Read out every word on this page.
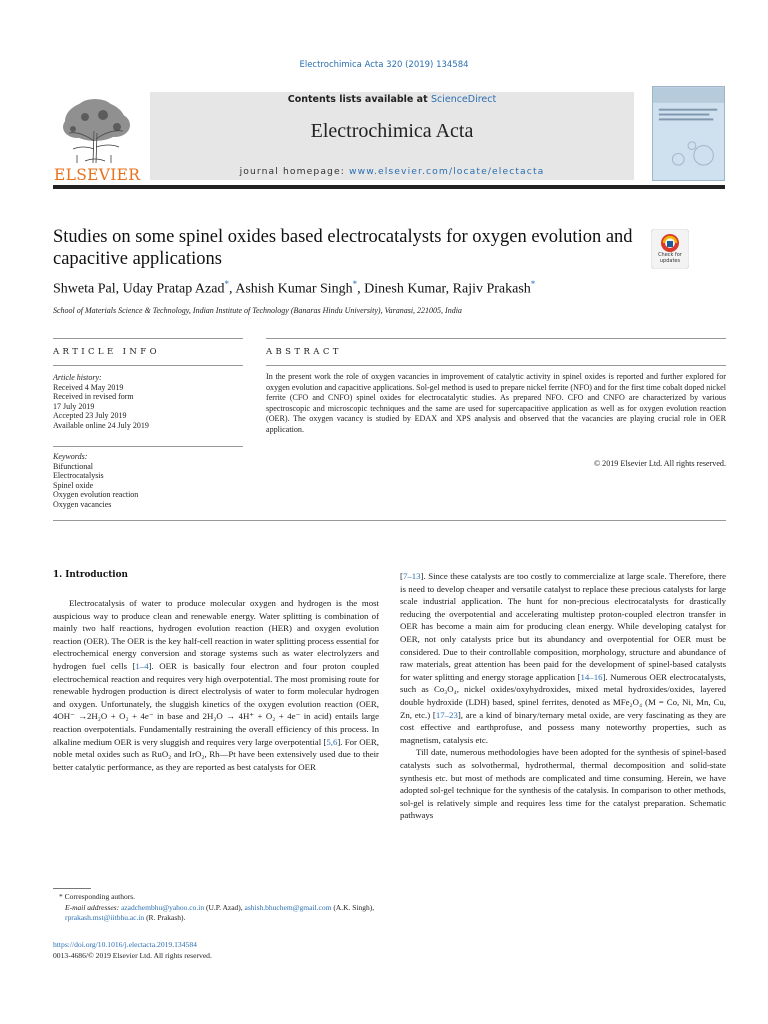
Electrochimica Acta 320 (2019) 134584
ELSEVIER
Contents lists available at ScienceDirect
Electrochimica Acta
journal homepage: www.elsevier.com/locate/electacta
Studies on some spinel oxides based electrocatalysts for oxygen evolution and capacitive applications	Check for updates
Shweta Pal, Uday Pratap Azad*, Ashish Kumar Singh*, Dinesh Kumar, Rajiv Prakash*
School of Materials Science & Technology, Indian Institute of Technology (Banaras Hindu University), Varanasi, 221005, India
ARTICLE INFO
Article history:
Received 4 May 2019
Received in revised form
17 July 2019
Accepted 23 July 2019
Available online 24 July 2019
Keywords:
Bifunctional
Electrocatalysis
Spinel oxide
Oxygen evolution reaction
Oxygen vacancies
ABSTRACT
In the present work the role of oxygen vacancies in improvement of catalytic activity in spinel oxides is reported and further explored for oxygen evolution and capacitive applications. Sol-gel method is used to prepare nickel ferrite (NFO) and for the first time cobalt doped nickel ferrite (CFO and CNFO) spinel oxides for electrocatalytic studies. As prepared NFO. CFO and CNFO are characterized by various spectroscopic and microscopic techniques and the same are used for supercapacitive application as well as for oxygen evolution reaction (OER). The oxygen vacancy is studied by EDAX and XPS analysis and observed that the vacancies are playing crucial role in OER application.
© 2019 Elsevier Ltd. All rights reserved.
1. Introduction

Electrocatalysis of water to produce molecular oxygen and hydrogen is the most auspicious way to produce clean and renewable energy. Water splitting is combination of mainly two half reactions, hydrogen evolution reaction (HER) and oxygen evolution reaction (OER). The OER is the key half-cell reaction in water splitting process essential for electrochemical energy conversion and storage systems such as water electrolyzers and hydrogen fuel cells [1–4]. OER is basically four electron and four proton coupled electrochemical reaction and requires very high overpotential. The most promising route for renewable hydrogen production is direct electrolysis of water to form molecular hydrogen and oxygen. Unfortunately, the sluggish kinetics of the oxygen evolution reaction (OER, 4OH⁻ →2H₂O + O₂ + 4e⁻ in base and 2H₂O → 4H⁺ + O₂ + 4e⁻ in acid) entails large reaction overpotentials. Fundamentally restraining the overall efficiency of this process. In alkaline medium OER is very sluggish and requires very large overpotential [5,6]. For OER, noble metal oxides such as RuO₂ and IrO₂, Rh—Pt have been extensively used due to their better catalytic performance, as they are reported as best catalysts for OER

[7–13]. Since these catalysts are too costly to commercialize at large scale. Therefore, there is need to develop cheaper and versatile catalyst to replace these precious catalysts for large scale industrial application. The hunt for non-precious electrocatalysts for drastically reducing the overpotential and accelerating multistep proton-coupled electron transfer in OER has become a main aim for producing clean energy. While developing catalyst for OER, not only catalysts price but its abundancy and overpotential for OER must be considered. Due to their controllable composition, morphology, structure and abundance of raw materials, great attention has been paid for the development of spinel-based catalysts for water splitting and energy storage application [14–16]. Numerous OER electrocatalysts, such as Co₃O₄, nickel oxides/oxyhydroxides, mixed metal hydroxides/oxides, layered double hydroxide (LDH) based, spinel ferrites, denoted as MFe₂O₄ (M = Co, Ni, Mn, Cu, Zn, etc.) [17–23], are a kind of binary/ternary metal oxide, are very fascinating as they are cost effective and earthprofuse, and possess many noteworthy properties, such as magnetism, catalysis etc.

Till date, numerous methodologies have been adopted for the synthesis of spinel-based catalysts such as solvothermal, hydrothermal, thermal decomposition and solid-state synthesis etc. but most of methods are complicated and time consuming. Herein, we have adopted sol-gel technique for the synthesis of the catalysis. In comparison to other methods, sol-gel is relatively simple and requires less time for the catalyst preparation. Schematic pathways

* Corresponding authors.
E-mail addresses: azadchembhu@yahoo.co.in (U.P. Azad), ashish.bhuchem@gmail.com (A.K. Singh), rprakash.mst@iitbhu.ac.in (R. Prakash).
https://doi.org/10.1016/j.electacta.2019.134584
0013-4686/© 2019 Elsevier Ltd. All rights reserved.
